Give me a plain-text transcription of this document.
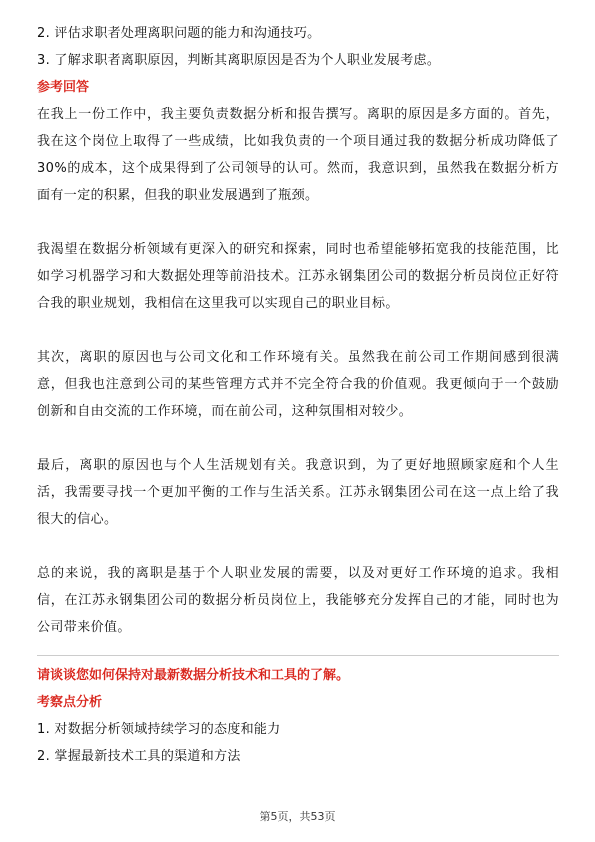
2. 评估求职者处理离职问题的能力和沟通技巧。
3. 了解求职者离职原因，判断其离职原因是否为个人职业发展考虑。
参考回答
在我上一份工作中，我主要负责数据分析和报告撰写。离职的原因是多方面的。首先，我在这个岗位上取得了一些成绩，比如我负责的一个项目通过我的数据分析成功降低了30%的成本，这个成果得到了公司领导的认可。然而，我意识到，虽然我在数据分析方面有一定的积累，但我的职业发展遇到了瓶颈。
我渴望在数据分析领域有更深入的研究和探索，同时也希望能够拓宽我的技能范围，比如学习机器学习和大数据处理等前沿技术。江苏永钢集团公司的数据分析员岗位正好符合我的职业规划，我相信在这里我可以实现自己的职业目标。
其次，离职的原因也与公司文化和工作环境有关。虽然我在前公司工作期间感到很满意，但我也注意到公司的某些管理方式并不完全符合我的价值观。我更倾向于一个鼓励创新和自由交流的工作环境，而在前公司，这种氛围相对较少。
最后，离职的原因也与个人生活规划有关。我意识到，为了更好地照顾家庭和个人生活，我需要寻找一个更加平衡的工作与生活关系。江苏永钢集团公司在这一点上给了我很大的信心。
总的来说，我的离职是基于个人职业发展的需要，以及对更好工作环境的追求。我相信，在江苏永钢集团公司的数据分析员岗位上，我能够充分发挥自己的才能，同时也为公司带来价值。
请谈谈您如何保持对最新数据分析技术和工具的了解。
考察点分析
1. 对数据分析领域持续学习的态度和能力
2. 掌握最新技术工具的渠道和方法
第5页，共53页
